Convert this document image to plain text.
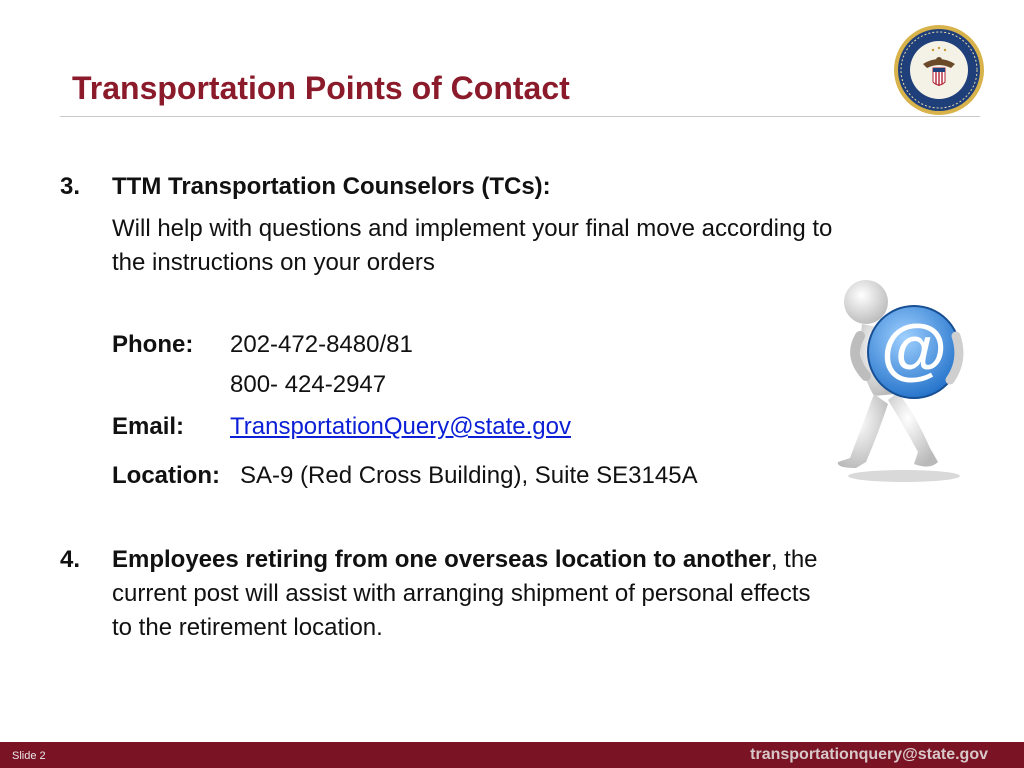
Transportation Points of Contact
3. TTM Transportation Counselors (TCs):
Will help with questions and implement your final move according to
the instructions on your orders
Phone: 202-472-8480/81
800- 424-2947
Email: TransportationQuery@state.gov
Location: SA-9 (Red Cross Building), Suite SE3145A
@
4. Employees retiring from one overseas location to another, the
current post will assist with arranging shipment of personal effects
to the retirement location.
Slide 2	transportationquery@state.gov
